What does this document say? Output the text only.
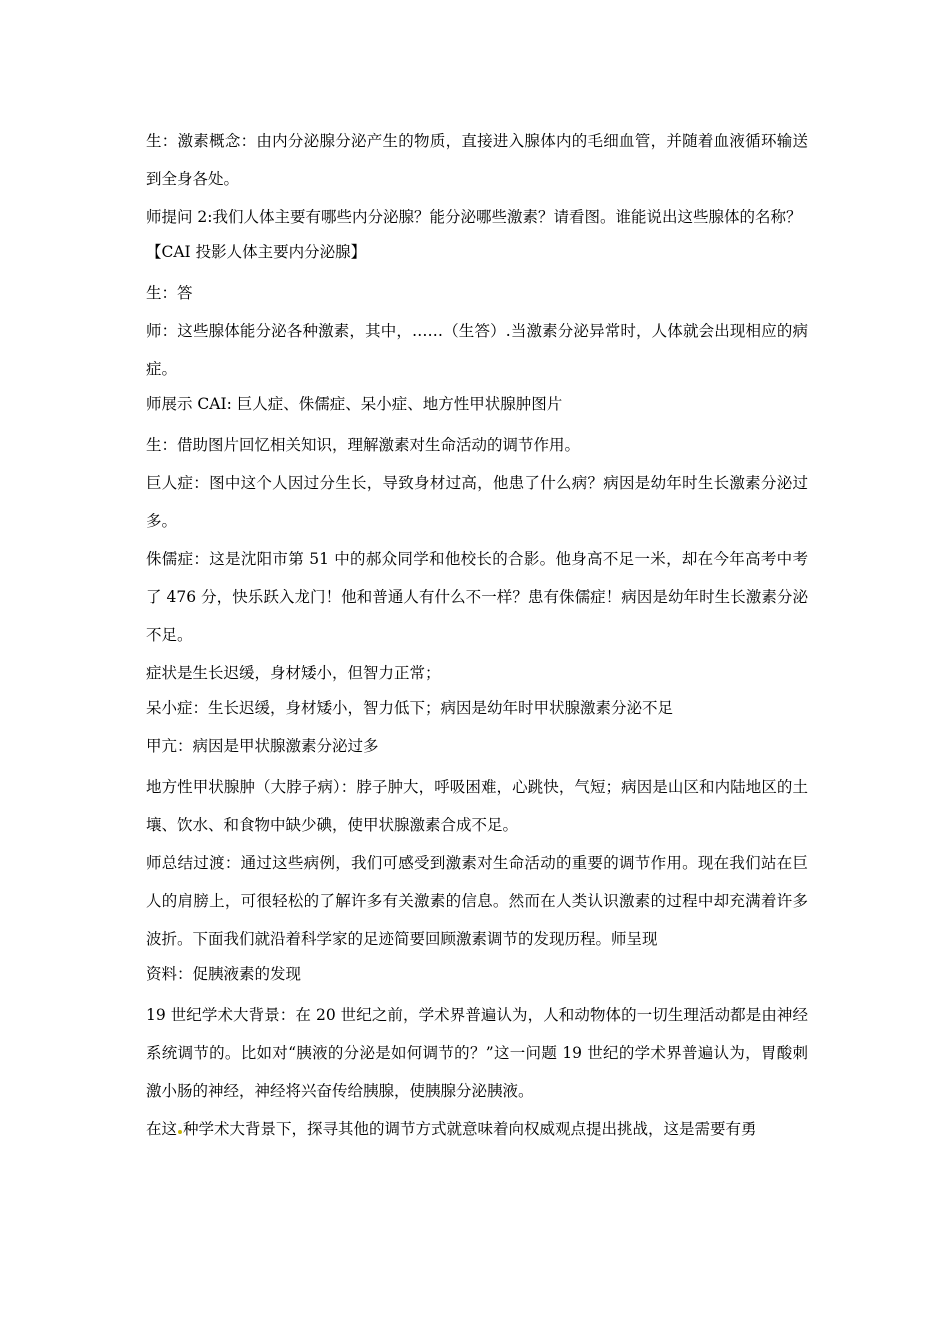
生：激素概念：由内分泌腺分泌产生的物质，直接进入腺体内的毛细血管，并随着血液循环输送到全身各处。

师提问 2:我们人体主要有哪些内分泌腺？能分泌哪些激素？请看图。谁能说出这些腺体的名称？

【CAI 投影人体主要内分泌腺】

生：答

师：这些腺体能分泌各种激素，其中，……（生答）.当激素分泌异常时，人体就会出现相应的病症。

师展示 CAI: 巨人症、侏儒症、呆小症、地方性甲状腺肿图片

生：借助图片回忆相关知识，理解激素对生命活动的调节作用。

巨人症：图中这个人因过分生长，导致身材过高，他患了什么病？病因是幼年时生长激素分泌过多。

侏儒症：这是沈阳市第 51 中的郝众同学和他校长的合影。他身高不足一米，却在今年高考中考了 476 分，快乐跃入龙门！他和普通人有什么不一样？患有侏儒症！病因是幼年时生长激素分泌不足。

症状是生长迟缓，身材矮小，但智力正常；

呆小症：生长迟缓，身材矮小，智力低下；病因是幼年时甲状腺激素分泌不足

甲亢：病因是甲状腺激素分泌过多

地方性甲状腺肿（大脖子病）：脖子肿大，呼吸困难，心跳快，气短；病因是山区和内陆地区的土壤、饮水、和食物中缺少碘，使甲状腺激素合成不足。

师总结过渡：通过这些病例，我们可感受到激素对生命活动的重要的调节作用。现在我们站在巨人的肩膀上，可很轻松的了解许多有关激素的信息。然而在人类认识激素的过程中却充满着许多波折。下面我们就沿着科学家的足迹简要回顾激素调节的发现历程。师呈现

资料：促胰液素的发现

19 世纪学术大背景：在 20 世纪之前，学术界普遍认为，人和动物体的一切生理活动都是由神经系统调节的。比如对“胰液的分泌是如何调节的？”这一问题 19 世纪的学术界普遍认为，胃酸刺激小肠的神经，神经将兴奋传给胰腺，使胰腺分泌胰液。

在这 种学术大背景下，探寻其他的调节方式就意味着向权威观点提出挑战，这是需要有勇
